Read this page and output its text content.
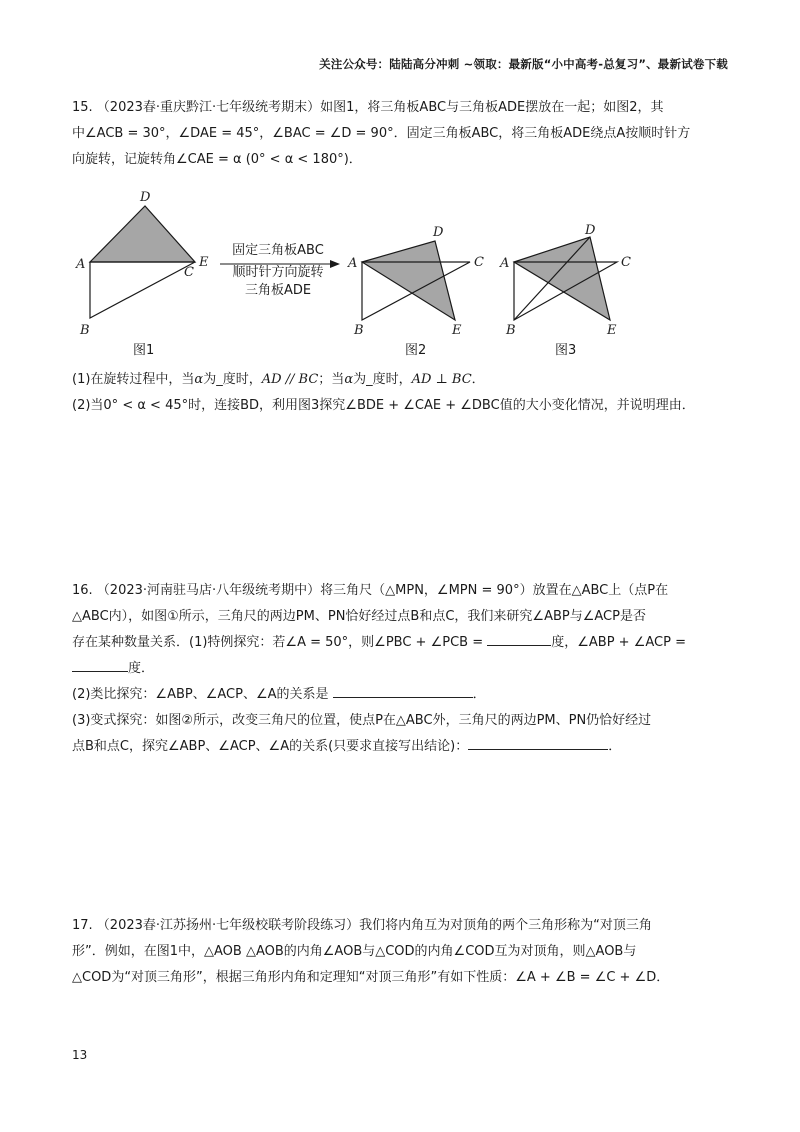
关注公众号：陆陆高分冲刺 ~领取：最新版“小中高考-总复习”、最新试卷下载
15. （2023春·重庆黔江·七年级统考期末）如图1，将三角板ABC与三角板ADE摆放在一起；如图2，其
中∠ACB = 30°，∠DAE = 45°，∠BAC = ∠D = 90°．固定三角板ABC，将三角板ADE绕点A按顺时针方
向旋转，记旋转角∠CAE = α (0° < α < 180°)．
A
D
C
E
B
图1
固定三角板ABC
顺时针方向旋转
三角板ADE
A
D
C
E
B
图2
A
D
C
E
B
图3
(1)在旋转过程中，当α为_度时，AD // BC；当α为_度时，AD ⊥ BC．
(2)当0° < α < 45°时，连接BD，利用图3探究∠BDE + ∠CAE + ∠DBC值的大小变化情况，并说明理由．
16. （2023·河南驻马店·八年级统考期中）将三角尺（△MPN，∠MPN = 90°）放置在△ABC上（点P在
△ABC内），如图①所示，三角尺的两边PM、PN恰好经过点B和点C，我们来研究∠ABP与∠ACP是否
存在某种数量关系．(1)特例探究：若∠A = 50°，则∠PBC + ∠PCB =	度，∠ABP + ∠ACP =
度．
(2)类比探究：∠ABP、∠ACP、∠A的关系是	．
(3)变式探究：如图②所示，改变三角尺的位置，使点P在△ABC外，三角尺的两边PM、PN仍恰好经过
点B和点C，探究∠ABP、∠ACP、∠A的关系(只要求直接写出结论)：	．
17. （2023春·江苏扬州·七年级校联考阶段练习）我们将内角互为对顶角的两个三角形称为“对顶三角
形”．例如，在图1中，△AOB △AOB的内角∠AOB与△COD的内角∠COD互为对顶角，则△AOB与
△COD为“对顶三角形”，根据三角形内角和定理知“对顶三角形”有如下性质：∠A + ∠B = ∠C + ∠D．
13
